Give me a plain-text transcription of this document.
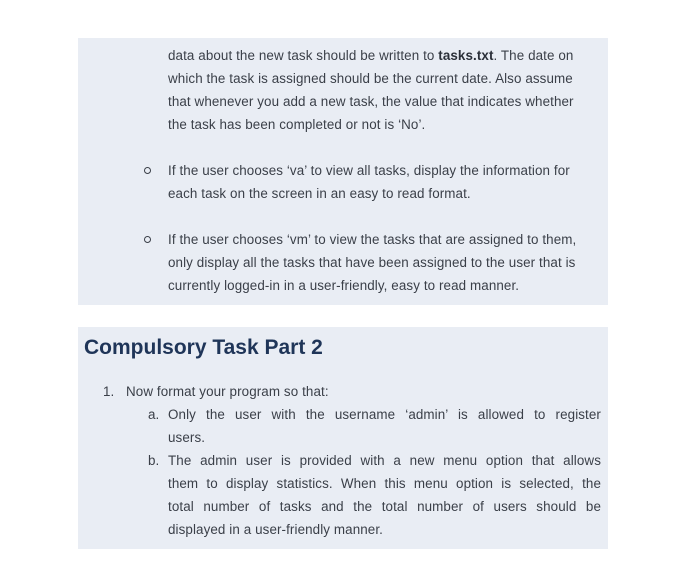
data about the new task should be written to tasks.txt. The date on
which the task is assigned should be the current date. Also assume
that whenever you add a new task, the value that indicates whether
the task has been completed or not is ‘No’.
If the user chooses ‘va’ to view all tasks, display the information for
each task on the screen in an easy to read format.
If the user chooses ‘vm’ to view the tasks that are assigned to them,
only display all the tasks that have been assigned to the user that is
currently logged-in in a user-friendly, easy to read manner.
Compulsory Task Part 2
1. Now format your program so that:
a. Only the user with the username ‘admin’ is allowed to register
users.
b. The admin user is provided with a new menu option that allows
them to display statistics. When this menu option is selected, the
total number of tasks and the total number of users should be
displayed in a user-friendly manner.
